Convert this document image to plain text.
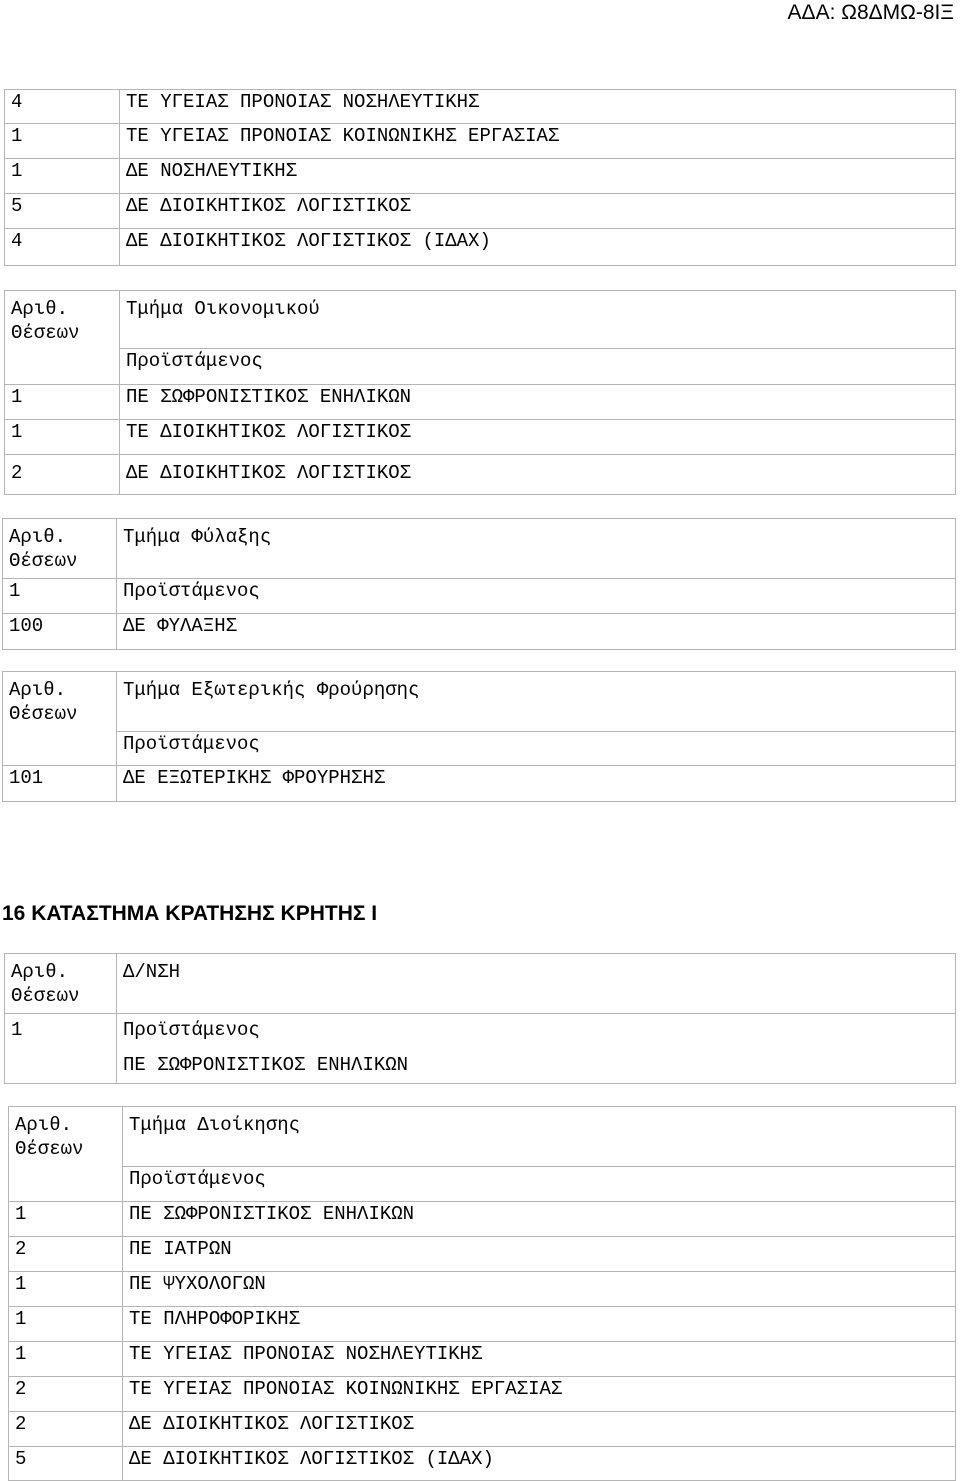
ΑΔΑ: Ω8ΔΜΩ-8ΙΞ
4	ΤΕ ΥΓΕΙΑΣ ΠΡΟΝΟΙΑΣ ΝΟΣΗΛΕΥΤΙΚΗΣ
1	ΤΕ ΥΓΕΙΑΣ ΠΡΟΝΟΙΑΣ ΚΟΙΝΩΝΙΚΗΣ ΕΡΓΑΣΙΑΣ
1	ΔΕ ΝΟΣΗΛΕΥΤΙΚΗΣ
5	ΔΕ ΔΙΟΙΚΗΤΙΚΟΣ ΛΟΓΙΣΤΙΚΟΣ
4	ΔΕ ΔΙΟΙΚΗΤΙΚΟΣ ΛΟΓΙΣΤΙΚΟΣ (ΙΔΑΧ)
Αριθ. Θέσεων	Τμήμα Οικονομικού
	Προϊστάμενος
1	ΠΕ ΣΩΦΡΟΝΙΣΤΙΚΟΣ ΕΝΗΛΙΚΩΝ
1	ΤΕ ΔΙΟΙΚΗΤΙΚΟΣ ΛΟΓΙΣΤΙΚΟΣ
2	ΔΕ ΔΙΟΙΚΗΤΙΚΟΣ ΛΟΓΙΣΤΙΚΟΣ
Αριθ. Θέσεων	Τμήμα Φύλαξης
1	Προϊστάμενος
100	ΔΕ ΦΥΛΑΞΗΣ
Αριθ. Θέσεων	Τμήμα Εξωτερικής Φρούρησης
	Προϊστάμενος
101	ΔΕ ΕΞΩΤΕΡΙΚΗΣ ΦΡΟΥΡΗΣΗΣ
16 ΚΑΤΑΣΤΗΜΑ ΚΡΑΤΗΣΗΣ ΚΡΗΤΗΣ Ι
Αριθ. Θέσεων	Δ/ΝΣΗ
1	Προϊστάμενος
ΠΕ ΣΩΦΡΟΝΙΣΤΙΚΟΣ ΕΝΗΛΙΚΩΝ
Αριθ. Θέσεων	Τμήμα Διοίκησης
	Προϊστάμενος
1	ΠΕ ΣΩΦΡΟΝΙΣΤΙΚΟΣ ΕΝΗΛΙΚΩΝ
2	ΠΕ ΙΑΤΡΩΝ
1	ΠΕ ΨΥΧΟΛΟΓΩΝ
1	ΤΕ ΠΛΗΡΟΦΟΡΙΚΗΣ
1	ΤΕ ΥΓΕΙΑΣ ΠΡΟΝΟΙΑΣ ΝΟΣΗΛΕΥΤΙΚΗΣ
2	ΤΕ ΥΓΕΙΑΣ ΠΡΟΝΟΙΑΣ ΚΟΙΝΩΝΙΚΗΣ ΕΡΓΑΣΙΑΣ
2	ΔΕ ΔΙΟΙΚΗΤΙΚΟΣ ΛΟΓΙΣΤΙΚΟΣ
5	ΔΕ ΔΙΟΙΚΗΤΙΚΟΣ ΛΟΓΙΣΤΙΚΟΣ (ΙΔΑΧ)
